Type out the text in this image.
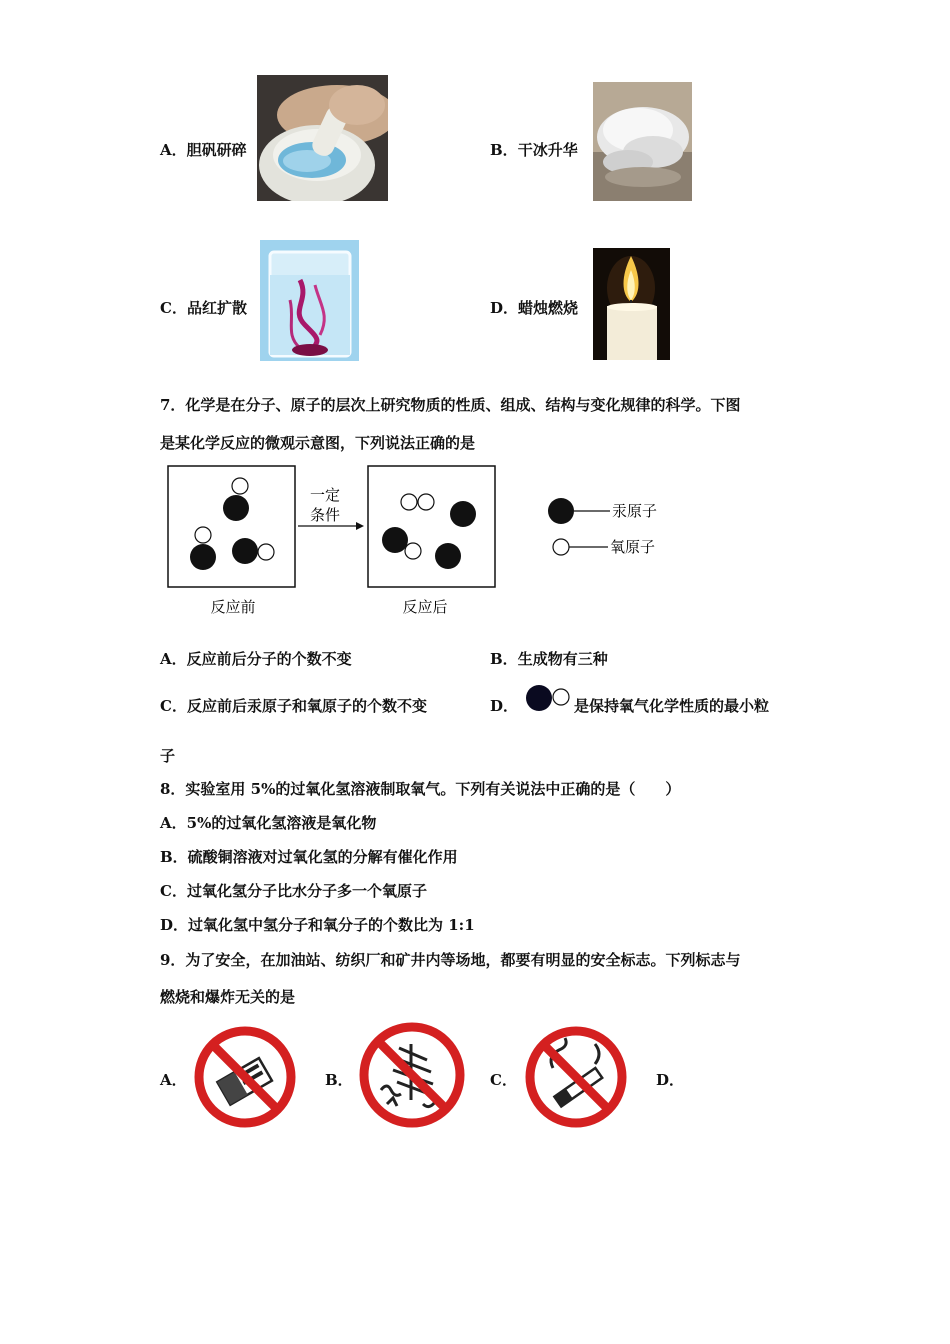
A．胆矾研碎	B．干冰升华
C．品红扩散	D．蜡烛燃烧
7．化学是在分子、原子的层次上研究物质的性质、组成、结构与变化规律的科学。下图
是某化学反应的微观示意图，下列说法正确的是
一定
条件
反应前	反应后
汞原子
氧原子
A．反应前后分子的个数不变	B．生成物有三种
C．反应前后汞原子和氧原子的个数不变	D．	是保持氧气化学性质的最小粒
子
8．实验室用 5%的过氧化氢溶液制取氧气。下列有关说法中正确的是（　　）
A．5%的过氧化氢溶液是氧化物
B．硫酸铜溶液对过氧化氢的分解有催化作用
C．过氧化氢分子比水分子多一个氧原子
D．过氧化氢中氢分子和氧分子的个数比为 1:1
9．为了安全，在加油站、纺织厂和矿井内等场地，都要有明显的安全标志。下列标志与
燃烧和爆炸无关的是
A．	B．	C．	D．
